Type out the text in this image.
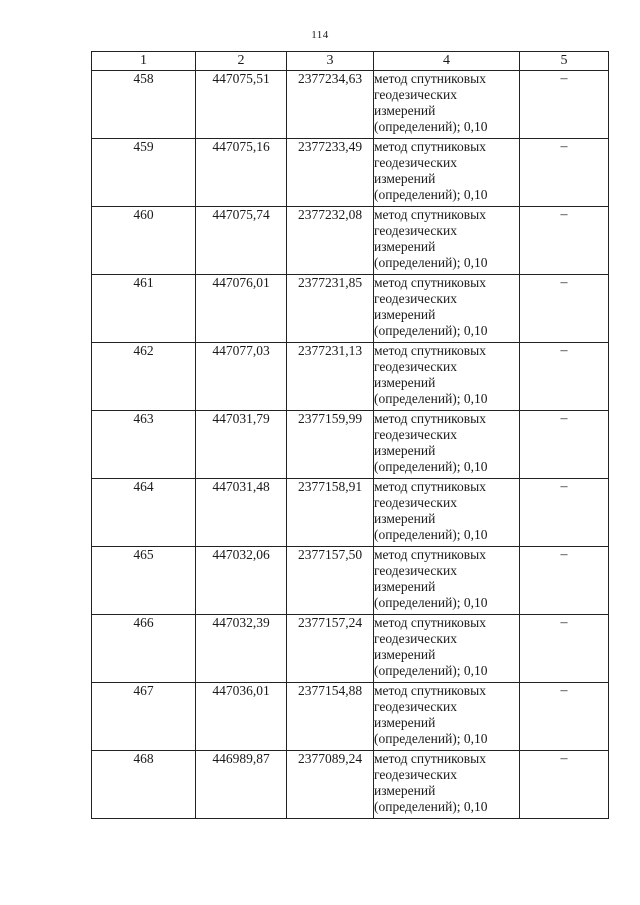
114
1	2	3	4	5
458	447075,51	2377234,63	метод спутниковых геодезических измерений (определений); 0,10	–
459	447075,16	2377233,49	метод спутниковых геодезических измерений (определений); 0,10	–
460	447075,74	2377232,08	метод спутниковых геодезических измерений (определений); 0,10	–
461	447076,01	2377231,85	метод спутниковых геодезических измерений (определений); 0,10	–
462	447077,03	2377231,13	метод спутниковых геодезических измерений (определений); 0,10	–
463	447031,79	2377159,99	метод спутниковых геодезических измерений (определений); 0,10	–
464	447031,48	2377158,91	метод спутниковых геодезических измерений (определений); 0,10	–
465	447032,06	2377157,50	метод спутниковых геодезических измерений (определений); 0,10	–
466	447032,39	2377157,24	метод спутниковых геодезических измерений (определений); 0,10	–
467	447036,01	2377154,88	метод спутниковых геодезических измерений (определений); 0,10	–
468	446989,87	2377089,24	метод спутниковых геодезических измерений (определений); 0,10	–
